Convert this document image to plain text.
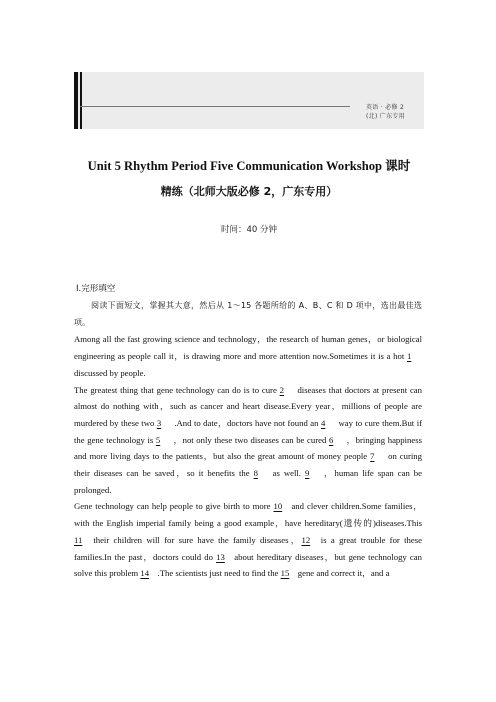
英语 · 必修 2
(北) 广东专用
Unit 5 Rhythm Period Five Communication Workshop 课时
精练（北师大版必修 2，广东专用）
时间：40 分钟
Ⅰ.完形填空

阅读下面短文，掌握其大意，然后从 1～15 各题所给的 A、B、C 和 D 项中，选出最佳选项。

Among all the fast growing science and technology，the research of human genes，or biological engineering as people call it，is drawing more and more attention now.Sometimes it is a hot 1 discussed by people.

The greatest thing that gene technology can do is to cure 2 diseases that doctors at present can almost do nothing with，such as cancer and heart disease.Every year，millions of people are murdered by these two 3 .And to date，doctors have not found an 4 way to cure them.But if the gene technology is 5 ，not only these two diseases can be cured 6 ，bringing happiness and more living days to the patients，but also the great amount of money people 7 on curing their diseases can be saved，so it benefits the 8 as well. 9 ，human life span can be prolonged.

Gene technology can help people to give birth to more 10 and clever children.Some families，with the English imperial family being a good example，have hereditary(遗传的)diseases.This 11 their children will for sure have the family diseases，12 is a great trouble for these families.In the past，doctors could do 13 about hereditary diseases，but gene technology can solve this problem 14 .The scientists just need to find the 15 gene and correct it，and a
